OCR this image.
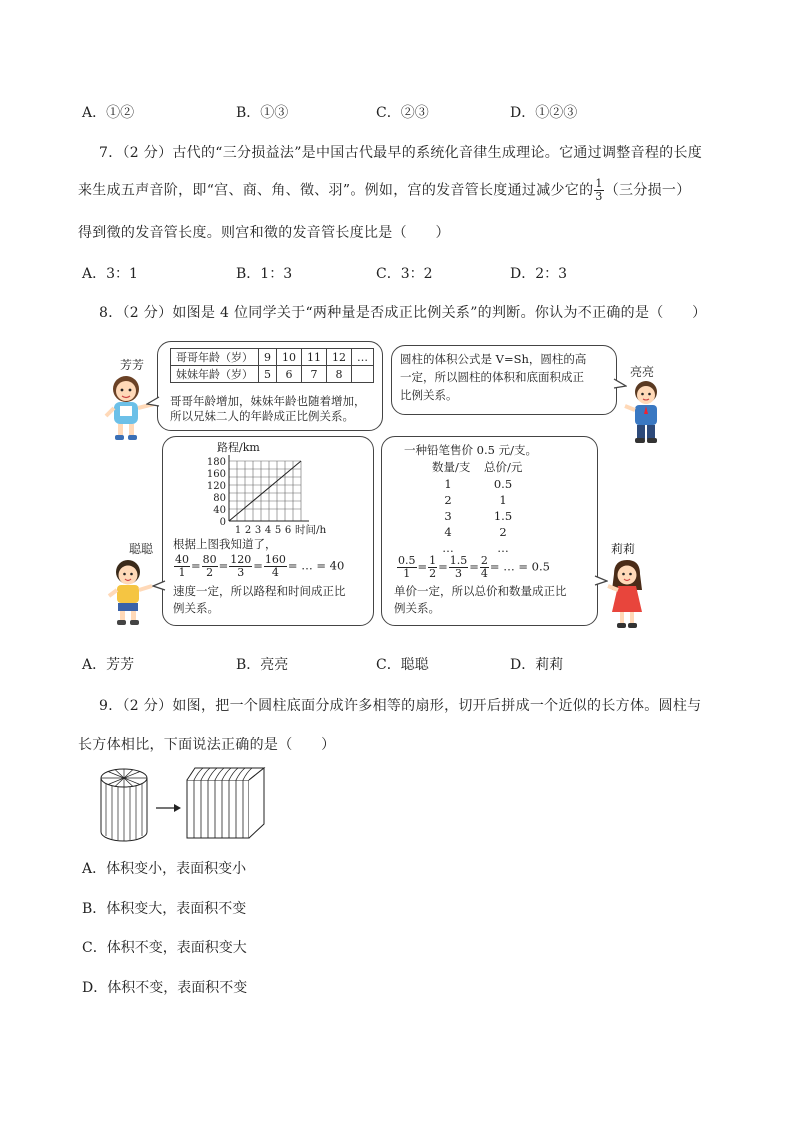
A．①②	B．①③	C．②③	D．①②③
7．（2 分）古代的“三分损益法”是中国古代最早的系统化音律生成理论。它通过调整音程的长度
来生成五声音阶，即“宫、商、角、徵、羽”。例如，宫的发音管长度通过减少它的 $\frac{1}{3}$ （三分损一）
得到徵的发音管长度。则宫和徵的发音管长度比是（　　）
A．3：1	B．1：3	C．3：2	D．2：3
8．（2 分）如图是 4 位同学关于“两种量是否成正比例关系”的判断。你认为不正确的是（　　）
芳芳
哥哥年龄（岁）	9	10	11	12	…
妹妹年龄（岁）	5	6	7	8	
哥哥年龄增加，妹妹年龄也随着增加，
所以兄妹二人的年龄成正比例关系。
圆柱的体积公式是 V=Sh，圆柱的高
一定，所以圆柱的体积和底面积成正
比例关系。
亮亮
路程/km
180
160
120
80
40
0
1 2 3 4 5 6 时间/h
根据上图我知道了，
$\frac{40}{1} = \frac{80}{2} = \frac{120}{3} = \frac{160}{4}$ = … = 40
速度一定，所以路程和时间成正比
例关系。
聪聪
一种铅笔售价 0.5 元/支。
数量/支 总价/元
1	0.5
2	1
3	1.5
4	2
…	…
$\frac{0.5}{1} = \frac{1}{2} = \frac{1.5}{3} = \frac{2}{4}$ = … = 0.5
单价一定，所以总价和数量成正比
例关系。
莉莉
A．芳芳	B．亮亮	C．聪聪	D．莉莉
9．（2 分）如图，把一个圆柱底面分成许多相等的扇形，切开后拼成一个近似的长方体。圆柱与
长方体相比，下面说法正确的是（　　）
A．体积变小，表面积变小
B．体积变大，表面积不变
C．体积不变，表面积变大
D．体积不变，表面积不变
